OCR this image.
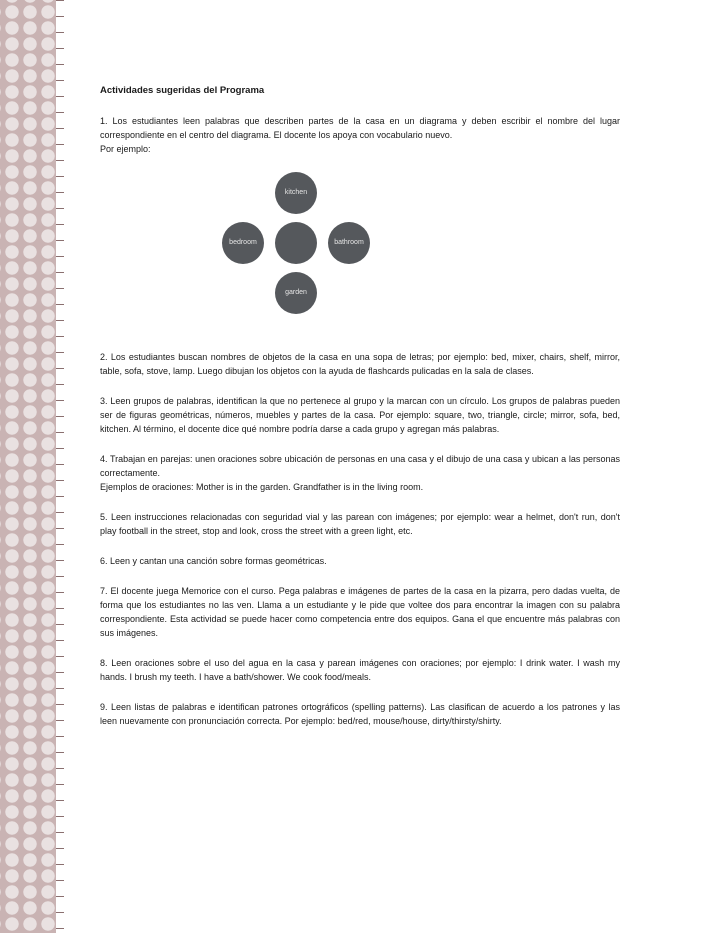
Actividades sugeridas del Programa

1. Los estudiantes leen palabras que describen partes de la casa en un diagrama y deben escribir el nombre del lugar correspondiente en el centro del diagrama. El docente los apoya con vocabulario nuevo.
Por ejemplo:

kitchen
bedroom	bathroom
garden

2. Los estudiantes buscan nombres de objetos de la casa en una sopa de letras; por ejemplo: bed, mixer, chairs, shelf, mirror, table, sofa, stove, lamp. Luego dibujan los objetos con la ayuda de flashcards pulicadas en la sala de clases.

3. Leen grupos de palabras, identifican la que no pertenece al grupo y la marcan con un círculo. Los grupos de palabras pueden ser de figuras geométricas, números, muebles y partes de la casa. Por ejemplo: square, two, triangle, circle; mirror, sofa, bed, kitchen. Al término, el docente dice qué nombre podría darse a cada grupo y agregan más palabras.

4. Trabajan en parejas: unen oraciones sobre ubicación de personas en una casa y el dibujo de una casa y ubican a las personas correctamente.
Ejemplos de oraciones: Mother is in the garden. Grandfather is in the living room.

5. Leen instrucciones relacionadas con seguridad vial y las parean con imágenes; por ejemplo: wear a helmet, don't run, don't play football in the street, stop and look, cross the street with a green light, etc.

6. Leen y cantan una canción sobre formas geométricas.

7. El docente juega Memorice con el curso. Pega palabras e imágenes de partes de la casa en la pizarra, pero dadas vuelta, de forma que los estudiantes no las ven. Llama a un estudiante y le pide que voltee dos para encontrar la imagen con su palabra correspondiente. Esta actividad se puede hacer como competencia entre dos equipos. Gana el que encuentre más palabras con sus imágenes.

8. Leen oraciones sobre el uso del agua en la casa y parean imágenes con oraciones; por ejemplo: I drink water. I wash my hands. I brush my teeth. I have a bath/shower. We cook food/meals.

9. Leen listas de palabras e identifican patrones ortográficos (spelling patterns). Las clasifican de acuerdo a los patrones y las leen nuevamente con pronunciación correcta. Por ejemplo: bed/red, mouse/house, dirty/thirsty/shirty.
